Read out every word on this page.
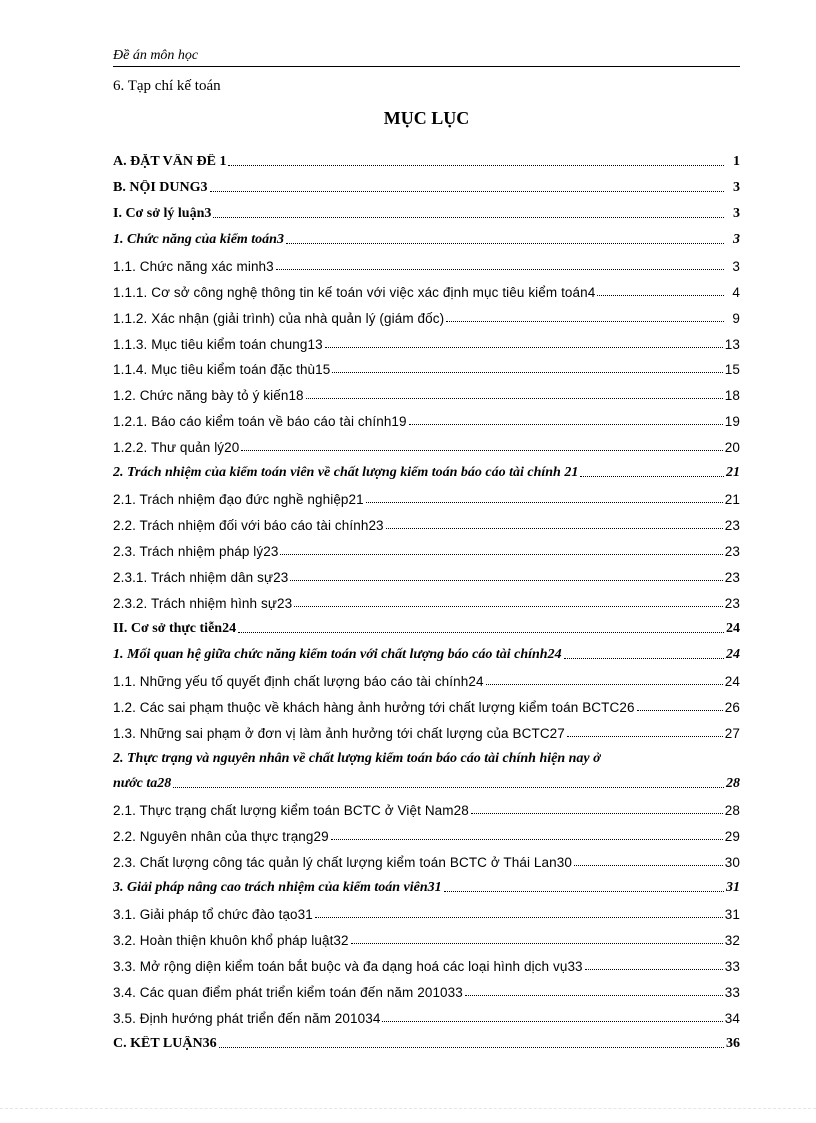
Đề án môn học
6. Tạp chí kế toán
MỤC LỤC
A. ĐẶT VẤN ĐỀ 1	1
B. NỘI DUNG3	3
I. Cơ sở lý luận3	3
1. Chức năng của kiểm toán3	3
1.1. Chức năng xác minh3	3
1.1.1. Cơ sở công nghệ thông tin kế toán với việc xác định mục tiêu kiểm toán4	4
1.1.2. Xác nhận (giải trình) của nhà quản lý (giám đốc)	9
1.1.3. Mục tiêu kiểm toán chung13	13
1.1.4. Mục tiêu kiểm toán đặc thù15	15
1.2. Chức năng bày tỏ ý kiến18	18
1.2.1. Báo cáo kiểm toán về báo cáo tài chính19	19
1.2.2. Thư quản lý20	20
2. Trách nhiệm của kiểm toán viên về chất lượng kiểm toán báo cáo tài chính 21	21
2.1. Trách nhiệm đạo đức nghề nghiệp21	21
2.2. Trách nhiệm đối với báo cáo tài chính23	23
2.3. Trách nhiệm pháp lý23	23
2.3.1. Trách nhiệm dân sự23	23
2.3.2. Trách nhiệm hình sự23	23
II. Cơ sở thực tiễn24	24
1. Mối quan hệ giữa chức năng kiểm toán với chất lượng báo cáo tài chính24	24
1.1. Những yếu tố quyết định chất lượng báo cáo tài chính24	24
1.2. Các sai phạm thuộc về khách hàng ảnh hưởng tới chất lượng kiểm toán BCTC26	26
1.3. Những sai phạm ở đơn vị làm ảnh hưởng tới chất lượng của BCTC27	27
2. Thực trạng và nguyên nhân về chất lượng kiểm toán báo cáo tài chính hiện nay ở
nước ta28	28
2.1. Thực trạng chất lượng kiểm toán BCTC ở Việt Nam28	28
2.2. Nguyên nhân của thực trạng29	29
2.3. Chất lượng công tác quản lý chất lượng kiểm toán BCTC ở Thái Lan30	30
3. Giải pháp nâng cao trách nhiệm của kiểm toán viên31	31
3.1. Giải pháp tổ chức đào tạo31	31
3.2. Hoàn thiện khuôn khổ pháp luật32	32
3.3. Mở rộng diện kiểm toán bắt buộc và đa dạng hoá các loại hình dịch vụ33	33
3.4. Các quan điểm phát triển kiểm toán đến năm 201033	33
3.5. Định hướng phát triển đến năm 201034	34
C. KẾT LUẬN36	36
